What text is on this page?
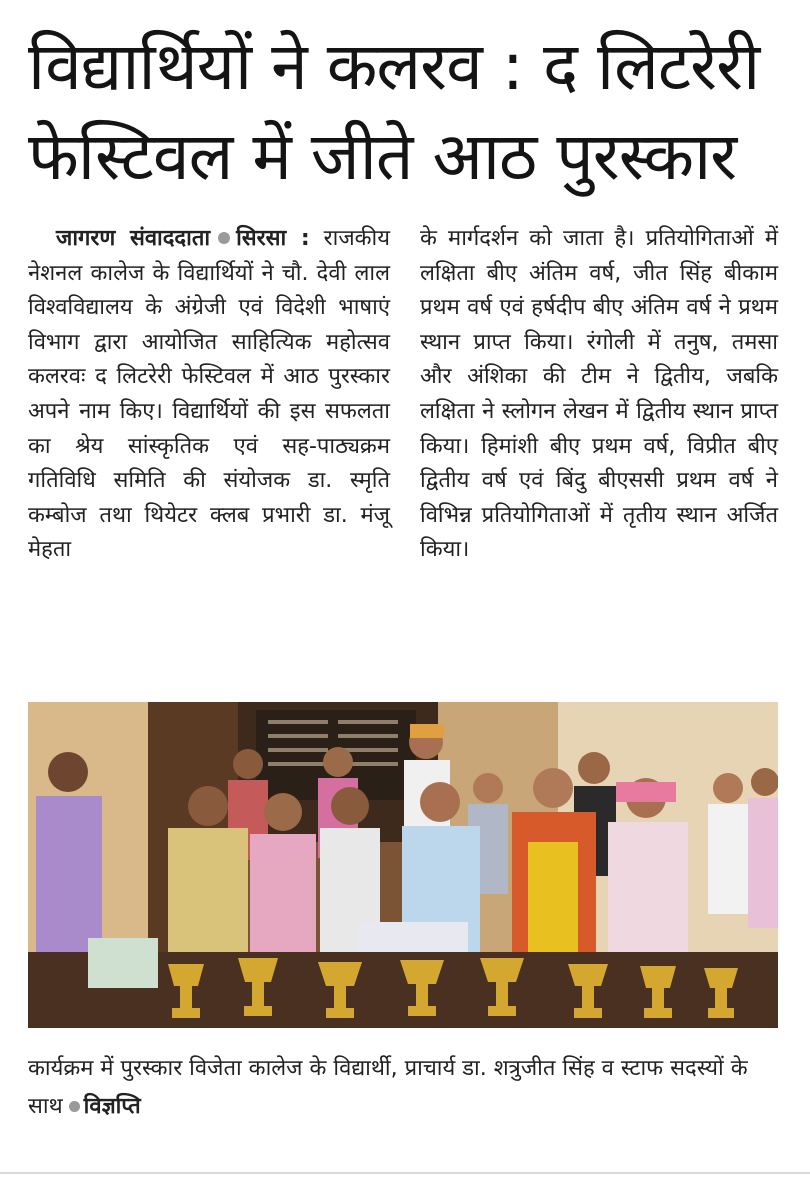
विद्यार्थियों ने कलरव : द लिटरेरी फेस्टिवल में जीते आठ पुरस्कार
जागरण संवाददाता सिरसा : राजकीय नेशनल कालेज के विद्यार्थियों ने चौ. देवी लाल विश्वविद्यालय के अंग्रेजी एवं विदेशी भाषाएं विभाग द्वारा आयोजित साहित्यिक महोत्सव कलरवः द लिटरेरी फेस्टिवल में आठ पुरस्कार अपने नाम किए। विद्यार्थियों की इस सफलता का श्रेय सांस्कृतिक एवं सह-पाठ्यक्रम गतिविधि समिति की संयोजक डा. स्मृति कम्बोज तथा थियेटर क्लब प्रभारी डा. मंजू मेहता
के मार्गदर्शन को जाता है। प्रतियोगिताओं में लक्षिता बीए अंतिम वर्ष, जीत सिंह बीकाम प्रथम वर्ष एवं हर्षदीप बीए अंतिम वर्ष ने प्रथम स्थान प्राप्त किया। रंगोली में तनुष, तमसा और अंशिका की टीम ने द्वितीय, जबकि लक्षिता ने स्लोगन लेखन में द्वितीय स्थान प्राप्त किया। हिमांशी बीए प्रथम वर्ष, विप्रीत बीए द्वितीय वर्ष एवं बिंदु बीएससी प्रथम वर्ष ने विभिन्न प्रतियोगिताओं में तृतीय स्थान अर्जित किया।
कार्यक्रम में पुरस्कार विजेता कालेज के विद्यार्थी, प्राचार्य डा. शत्रुजीत सिंह व स्टाफ सदस्यों के साथ विज्ञप्ति
